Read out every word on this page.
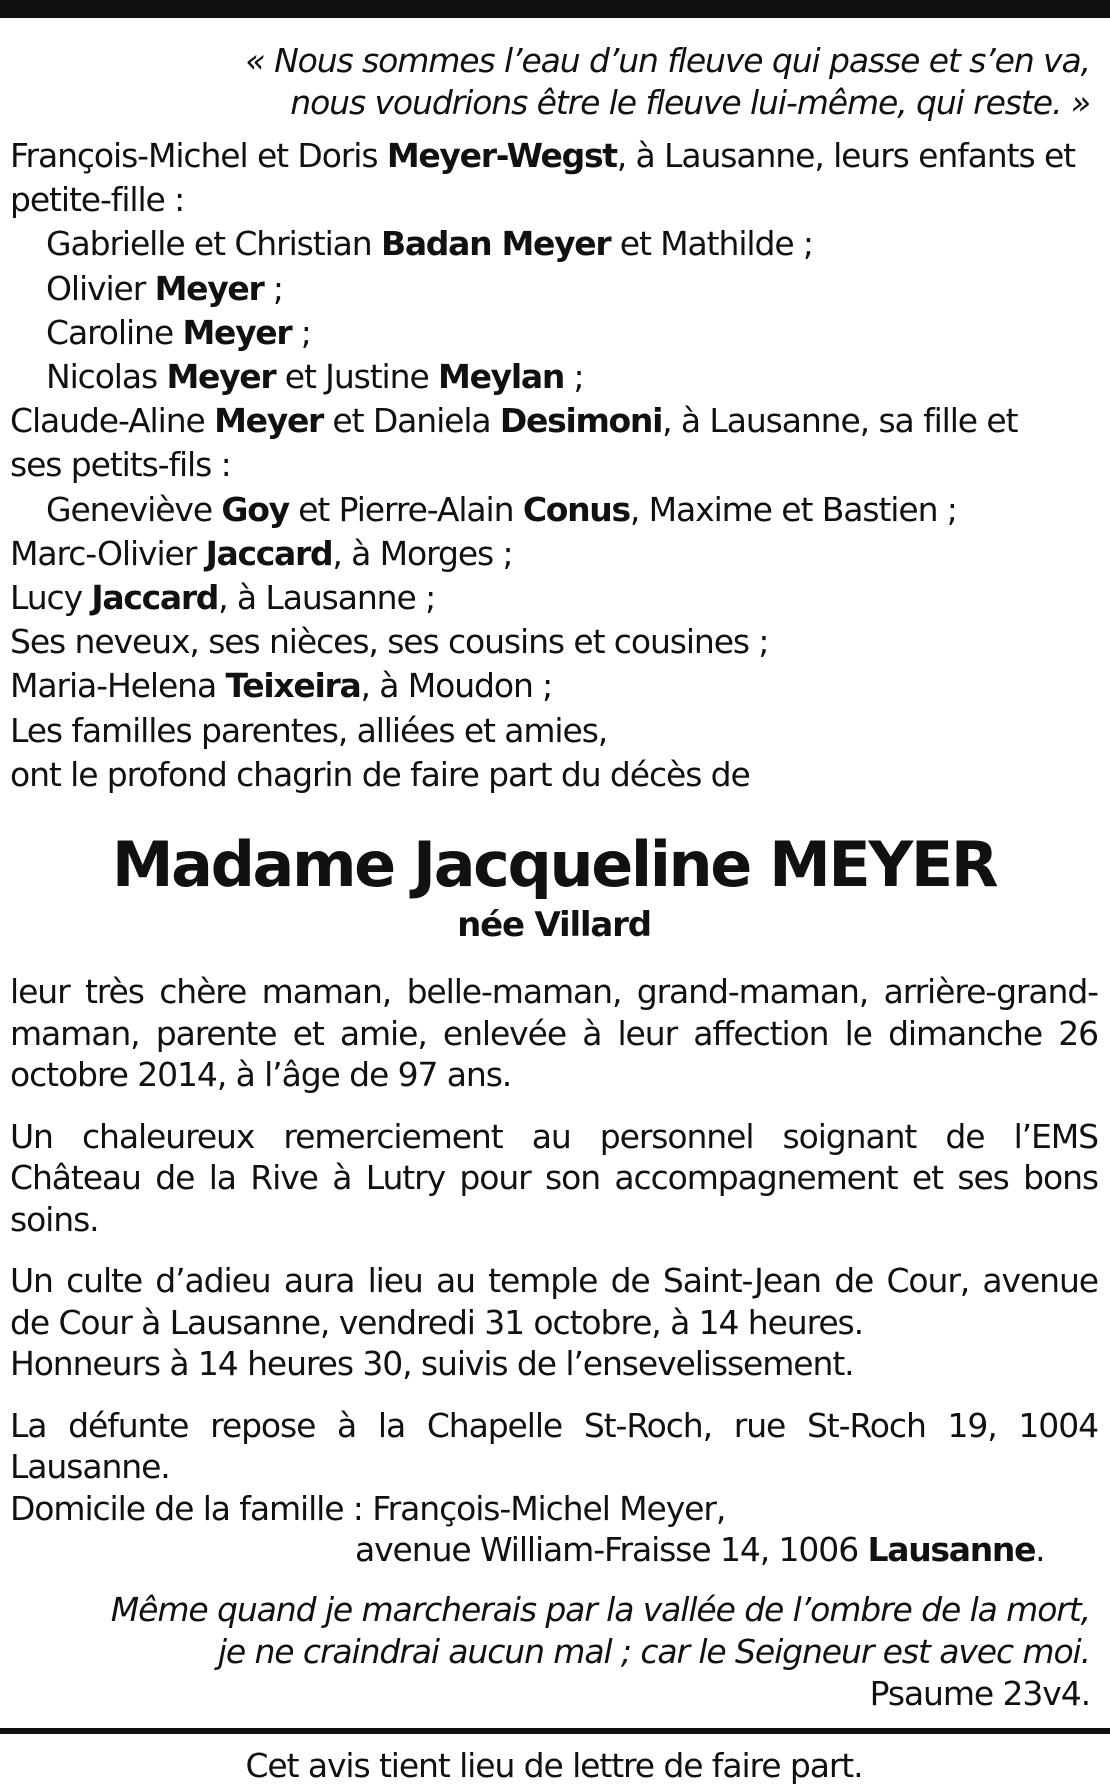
« Nous sommes l’eau d’un fleuve qui passe et s’en va,
nous voudrions être le fleuve lui-même, qui reste. »
François-Michel et Doris Meyer-Wegst, à Lausanne, leurs enfants et
petite-fille :
Gabrielle et Christian Badan Meyer et Mathilde ;
Olivier Meyer ;
Caroline Meyer ;
Nicolas Meyer et Justine Meylan ;
Claude-Aline Meyer et Daniela Desimoni, à Lausanne, sa fille et
ses petits-fils :
Geneviève Goy et Pierre-Alain Conus, Maxime et Bastien ;
Marc-Olivier Jaccard, à Morges ;
Lucy Jaccard, à Lausanne ;
Ses neveux, ses nièces, ses cousins et cousines ;
Maria-Helena Teixeira, à Moudon ;
Les familles parentes, alliées et amies,
ont le profond chagrin de faire part du décès de
Madame Jacqueline MEYER
née Villard

leur très chère maman, belle-maman, grand-maman, arrière-grand-maman, parente et amie, enlevée à leur affection le dimanche 26 octobre 2014, à l’âge de 97 ans.

Un chaleureux remerciement au personnel soignant de l’EMS Château de la Rive à Lutry pour son accompagnement et ses bons soins.

Un culte d’adieu aura lieu au temple de Saint-Jean de Cour, avenue de Cour à Lausanne, vendredi 31 octobre, à 14 heures.
Honneurs à 14 heures 30, suivis de l’ensevelissement.

La défunte repose à la Chapelle St-Roch, rue St-Roch 19, 1004 Lausanne.
Domicile de la famille : François-Michel Meyer,
avenue William-Fraisse 14, 1006 Lausanne.

Même quand je marcherais par la vallée de l’ombre de la mort,
je ne craindrai aucun mal ; car le Seigneur est avec moi.
Psaume 23v4.
Cet avis tient lieu de lettre de faire part.
